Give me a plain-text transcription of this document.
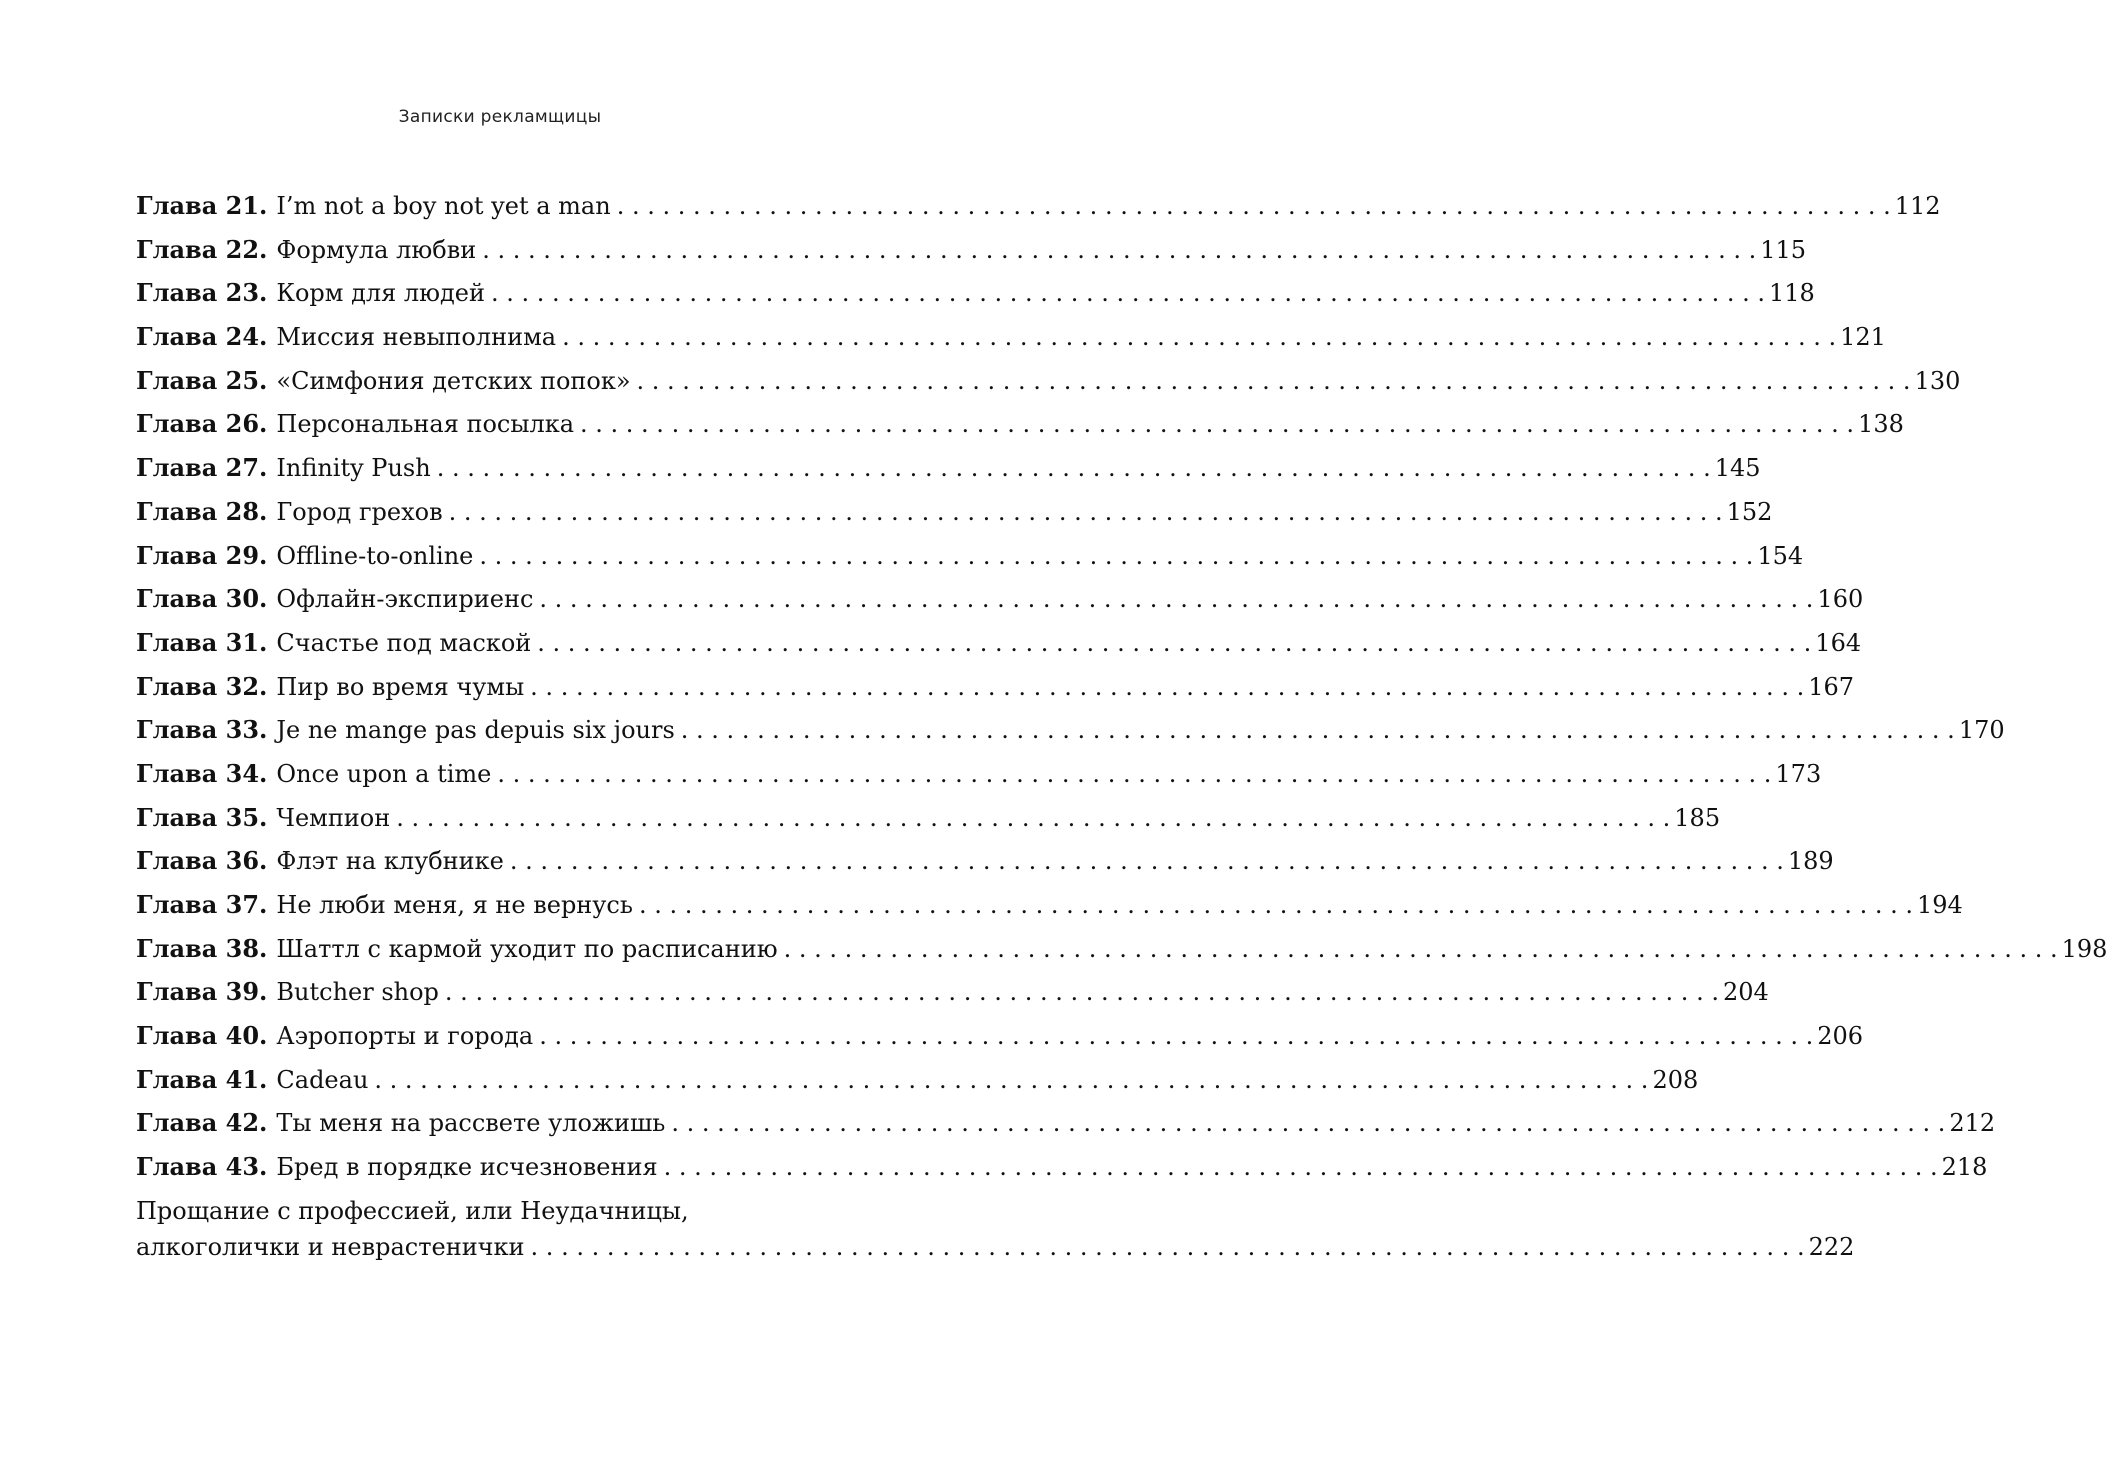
Записки рекламщицы
Глава 21. I’m not a boy not yet a man . . .	112
Глава 22. Формула любви . . .	115
Глава 23. Корм для людей . . .	118
Глава 24. Миссия невыполнима . . .	121
Глава 25. «Симфония детских попок» . . .	130
Глава 26. Персональная посылка . . .	138
Глава 27. Infinity Push . . .	145
Глава 28. Город грехов . . .	152
Глава 29. Offline-to-online . . .	154
Глава 30. Офлайн-экспириенс . . .	160
Глава 31. Счастье под маской . . .	164
Глава 32. Пир во время чумы . . .	167
Глава 33. Je ne mange pas depuis six jours . . .	170
Глава 34. Once upon a time . . .	173
Глава 35. Чемпион . . .	185
Глава 36. Флэт на клубнике . . .	189
Глава 37. Не люби меня, я не вернусь . . .	194
Глава 38. Шаттл с кармой уходит по расписанию . . .	198
Глава 39. Butcher shop . . .	204
Глава 40. Аэропорты и города . . .	206
Глава 41. Cadeau . . .	208
Глава 42. Ты меня на рассвете уложишь . . .	212
Глава 43. Бред в порядке исчезновения . . .	218
Прощание с профессией, или Неудачницы,
алкоголички и неврастенички . . .	222
